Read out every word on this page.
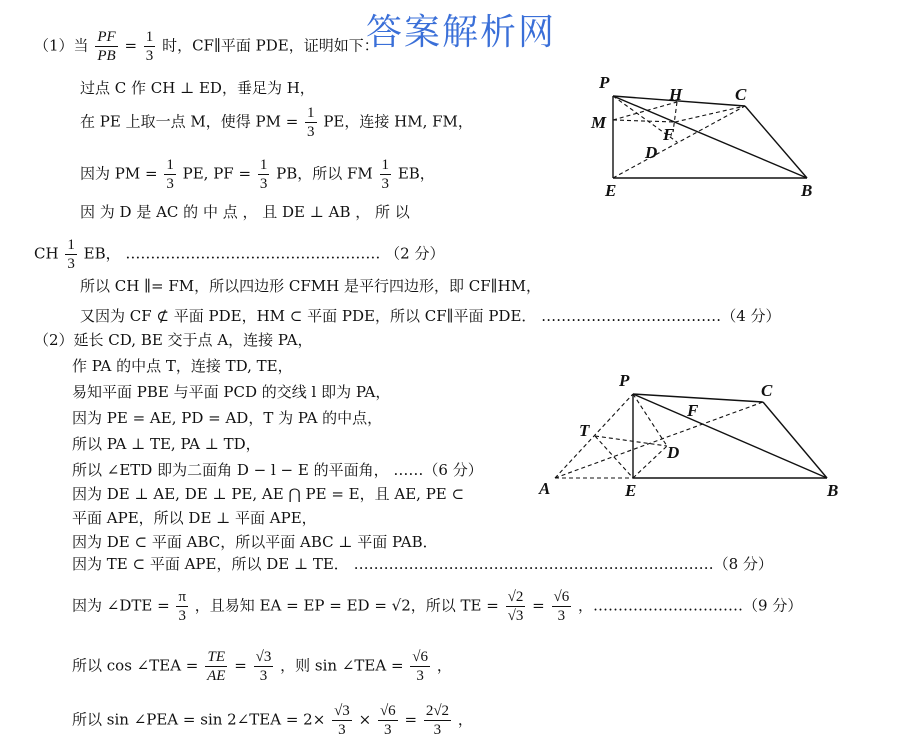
答案解析网
（1）当 $\frac{PF}{PB} = \frac{1}{3}$ 时，CF∥平面 PDE，证明如下：
过点 C 作 CH ⊥ ED，垂足为 H，
在 PE 上取一点 M，使得 PM = $\frac{1}{3}$ PE，连接 HM, FM，
因为 PM = $\frac{1}{3}$ PE, PF = $\frac{1}{3}$ PB，所以 FM $\frac{1}{3}$ EB，
因 为 D 是 AC 的 中 点 ， 且 DE ⊥ AB ， 所 以
CH $\frac{1}{3}$ EB， …………………………………………… （2 分）
所以 CH ∥= FM，所以四边形 CFMH 是平行四边形，即 CF∥HM，
又因为 CF ⊄ 平面 PDE，HM ⊂ 平面 PDE，所以 CF∥平面 PDE． ………………………………（4 分）
P
H	C
M
F
D
E	B
（2）延长 CD, BE 交于点 A，连接 PA，
作 PA 的中点 T，连接 TD, TE，
易知平面 PBE 与平面 PCD 的交线 l 即为 PA，
因为 PE = AE, PD = AD，T 为 PA 的中点，
所以 PA ⊥ TE, PA ⊥ TD，
所以 ∠ETD 即为二面角 D − l − E 的平面角， ……（6 分）
因为 DE ⊥ AE, DE ⊥ PE, AE ⋂ PE = E，且 AE, PE ⊂
平面 APE，所以 DE ⊥ 平面 APE，
因为 DE ⊂ 平面 ABC，所以平面 ABC ⊥ 平面 PAB．
因为 TE ⊂ 平面 APE，所以 DE ⊥ TE． ………………………………………………………………（8 分）
因为 ∠DTE = $\frac{\pi}{3}$ ，且易知 EA = EP = ED = √2，所以 TE = $\frac{√2}{√3} = \frac{√6}{3}$ ，…………………………（9 分）
所以 cos ∠TEA = $\frac{TE}{AE} = \frac{√3}{3}$ ，则 sin ∠TEA = $\frac{√6}{3}$ ，
所以 sin ∠PEA = sin 2∠TEA = $2\times \frac{√3}{3} \times \frac{√6}{3} = \frac{2√2}{3}$ ，
P
C
F
T
D
A	E	B
